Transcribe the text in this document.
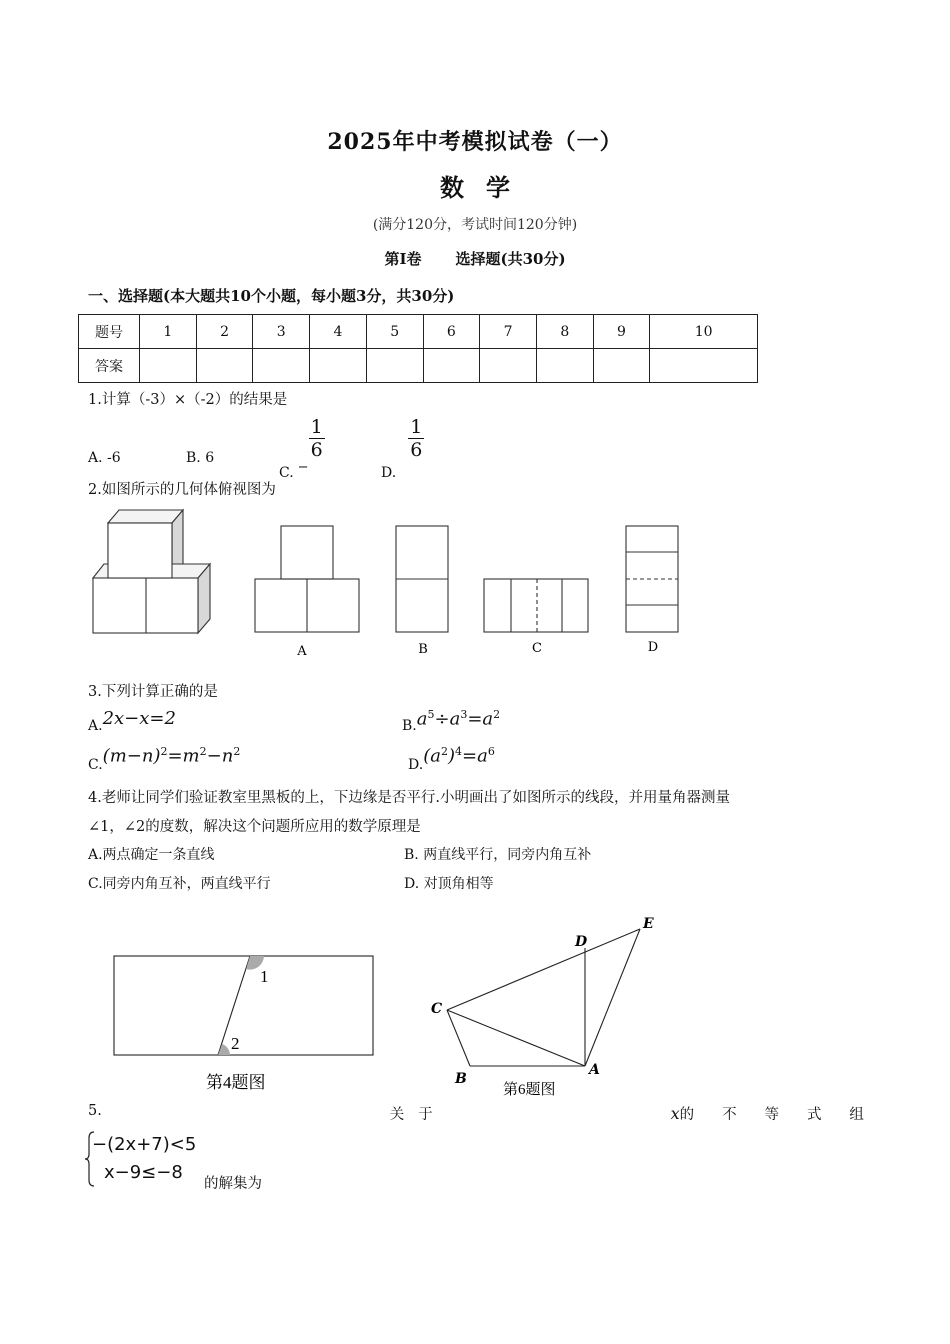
2025年中考模拟试卷（一）
数学
(满分120分，考试时间120分钟)
第Ⅰ卷 选择题(共30分)
一、选择题(本大题共10个小题，每小题3分，共30分)
题号	1	2	3	4	5	6	7	8	9	10
答案										
1.计算（-3）×（-2）的结果是
A. -6	B. 6
C. −
$\frac{1}{6}$
D.
$\frac{1}{6}$
2.如图所示的几何体俯视图为
A	B	C	D
3.下列计算正确的是
A.2x−x=2	$B.a^5\div a^3=a^2$
$C.(m-n)^2=m^2-n^2$
$D.(a^2)^4=a^6$
4.老师让同学们验证教室里黑板的上，下边缘是否平行.小明画出了如图所示的线段，并用量角器测量
∠1，∠2的度数，解决这个问题所应用的数学原理是
A.两点确定一条直线	B. 两直线平行，同旁内角互补
C.同旁内角互补，两直线平行	D. 对顶角相等
1
2
第4题图
C
B
A
D
E
第6题图
5.	关 于	x的 不 等 式 组
−(2x+7)<5
x−9≤−8
的解集为
